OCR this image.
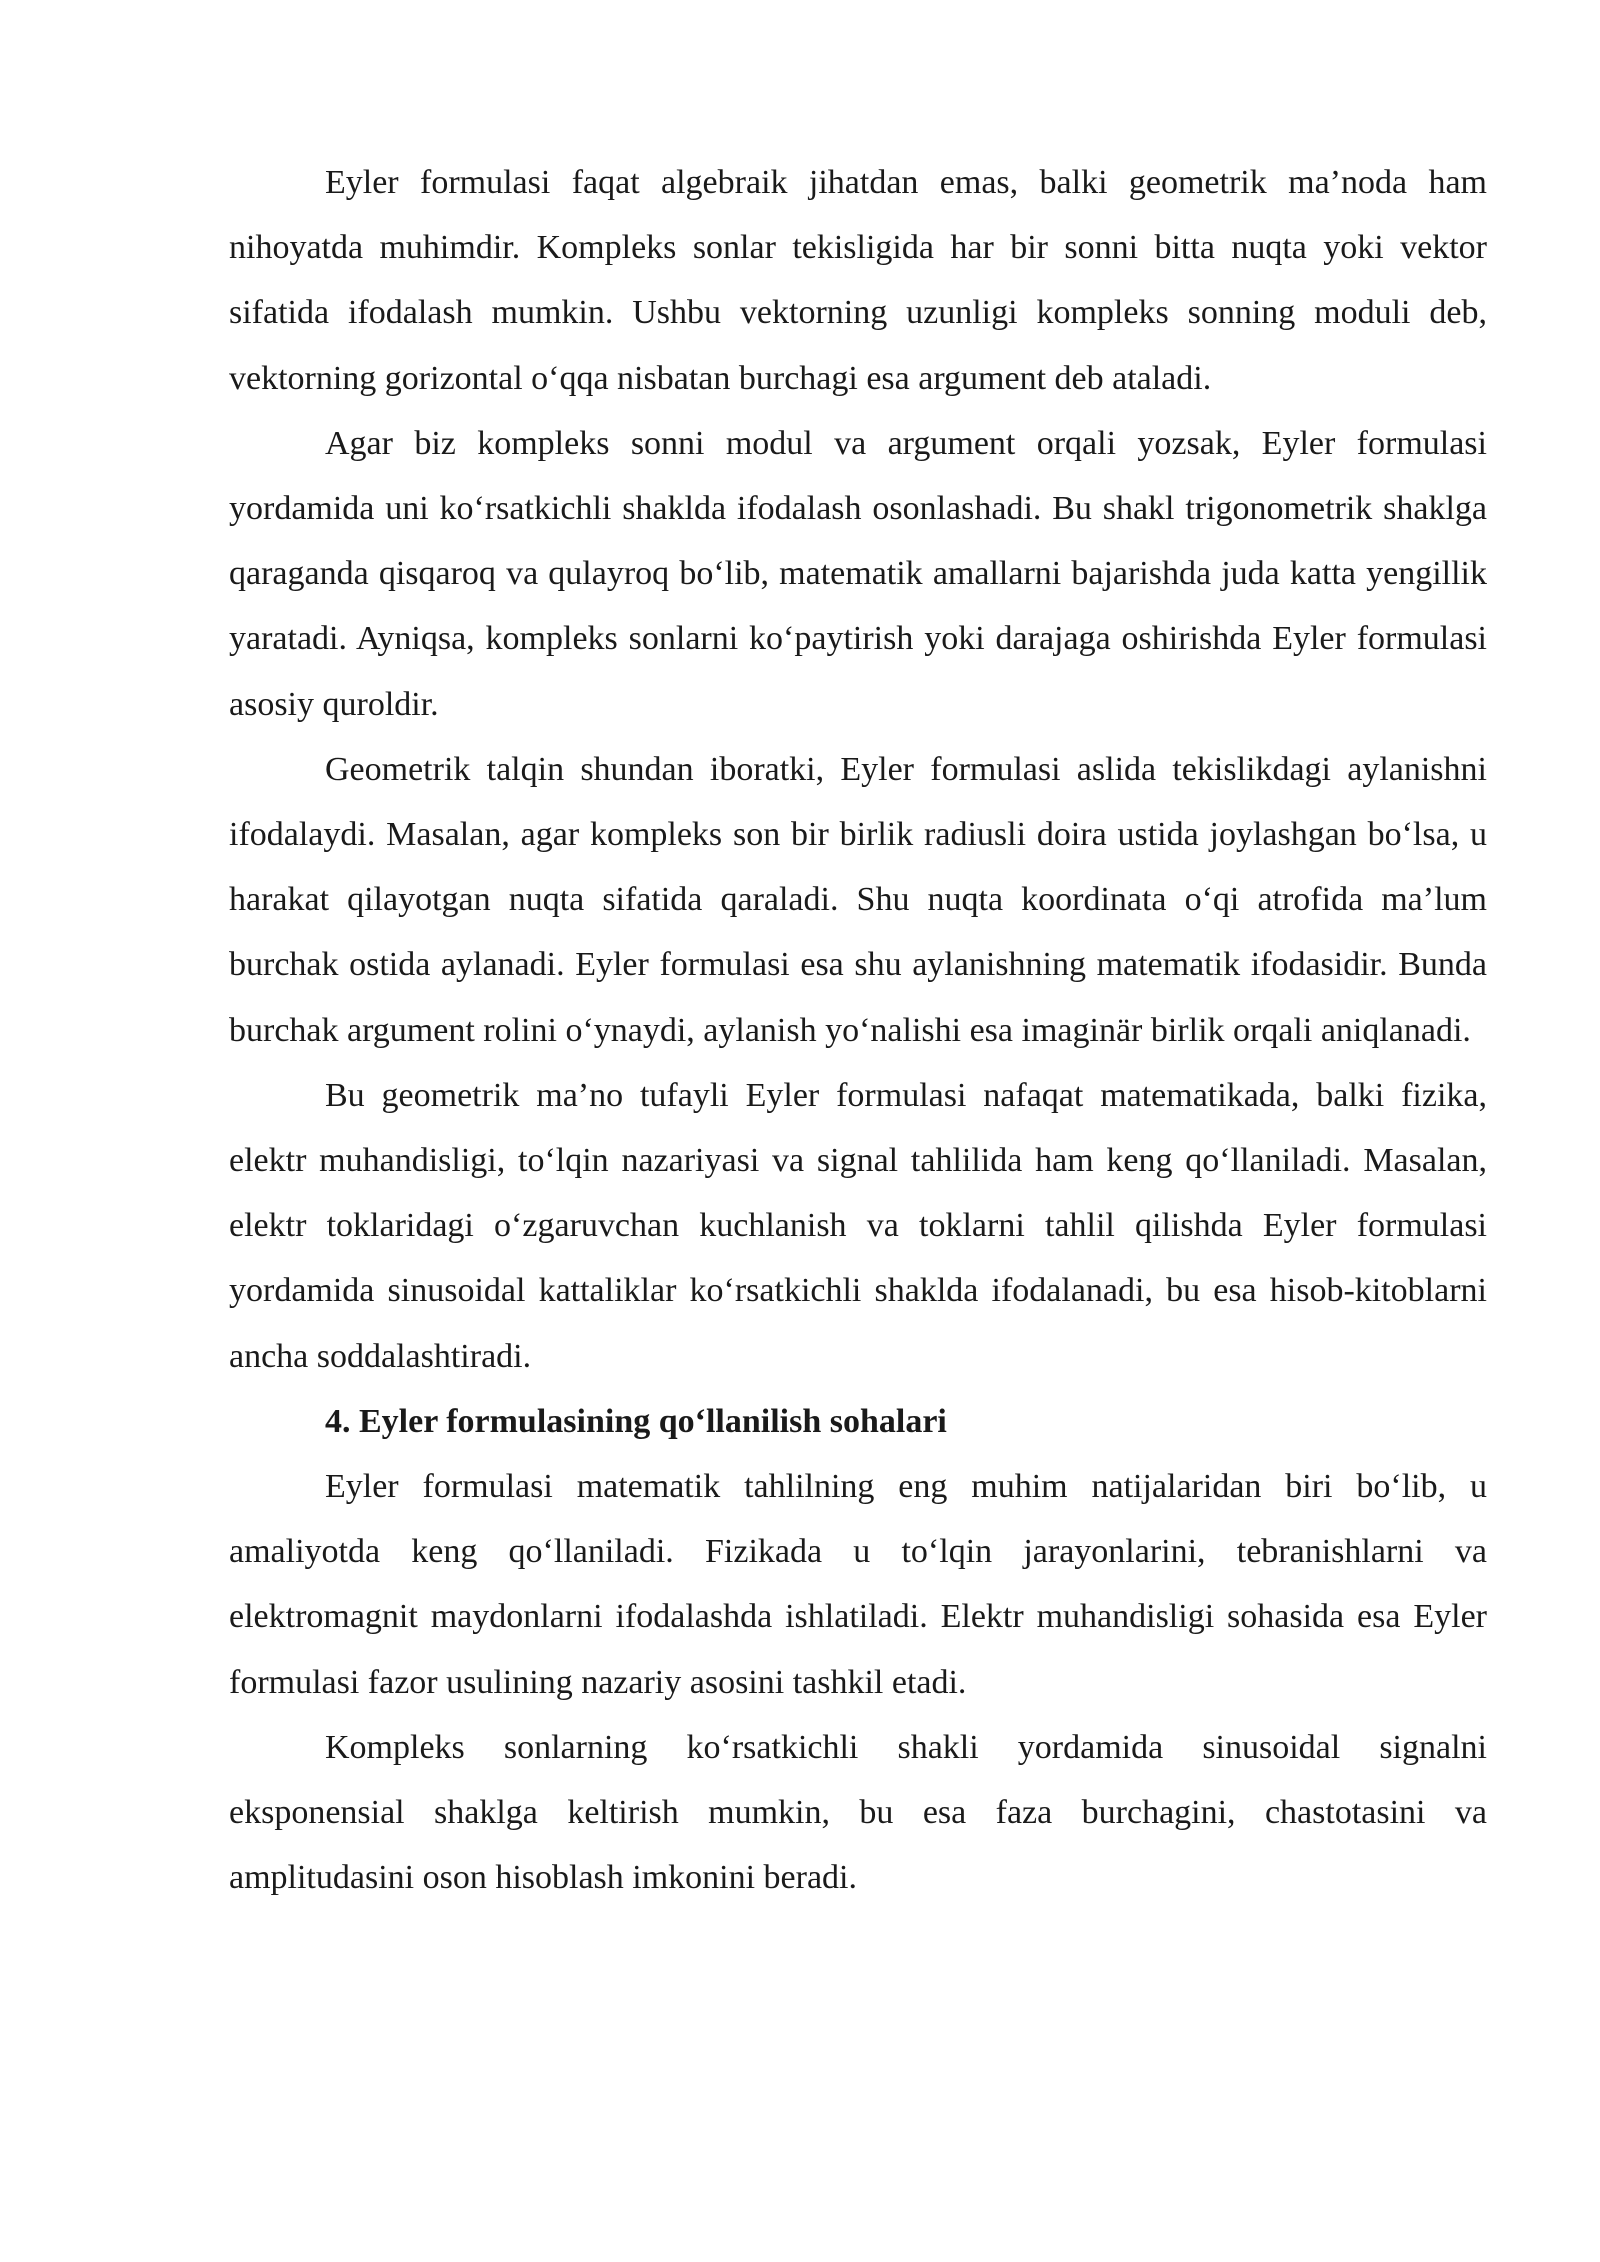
Eyler formulasi faqat algebraik jihatdan emas, balki geometrik ma’noda ham nihoyatda muhimdir. Kompleks sonlar tekisligida har bir sonni bitta nuqta yoki vektor sifatida ifodalash mumkin. Ushbu vektorning uzunligi kompleks sonning moduli deb, vektorning gorizontal o‘qqa nisbatan burchagi esa argument deb ataladi.

Agar biz kompleks sonni modul va argument orqali yozsak, Eyler formulasi yordamida uni ko‘rsatkichli shaklda ifodalash osonlashadi. Bu shakl trigonometrik shaklga qaraganda qisqaroq va qulayroq bo‘lib, matematik amallarni bajarishda juda katta yengillik yaratadi. Ayniqsa, kompleks sonlarni ko‘paytirish yoki darajaga oshirishda Eyler formulasi asosiy quroldir.

Geometrik talqin shundan iboratki, Eyler formulasi aslida tekislikdagi aylanishni ifodalaydi. Masalan, agar kompleks son bir birlik radiusli doira ustida joylashgan bo‘lsa, u harakat qilayotgan nuqta sifatida qaraladi. Shu nuqta koordinata o‘qi atrofida ma’lum burchak ostida aylanadi. Eyler formulasi esa shu aylanishning matematik ifodasidir. Bunda burchak argument rolini o‘ynaydi, aylanish yo‘nalishi esa imaginär birlik orqali aniqlanadi.

Bu geometrik ma’no tufayli Eyler formulasi nafaqat matematikada, balki fizika, elektr muhandisligi, to‘lqin nazariyasi va signal tahlilida ham keng qo‘llaniladi. Masalan, elektr toklaridagi o‘zgaruvchan kuchlanish va toklarni tahlil qilishda Eyler formulasi yordamida sinusoidal kattaliklar ko‘rsatkichli shaklda ifodalanadi, bu esa hisob-kitoblarni ancha soddalashtiradi.

4. Eyler formulasining qo‘llanilish sohalari

Eyler formulasi matematik tahlilning eng muhim natijalaridan biri bo‘lib, u amaliyotda keng qo‘llaniladi. Fizikada u to‘lqin jarayonlarini, tebranishlarni va elektromagnit maydonlarni ifodalashda ishlatiladi. Elektr muhandisligi sohasida esa Eyler formulasi fazor usulining nazariy asosini tashkil etadi.

Kompleks sonlarning ko‘rsatkichli shakli yordamida sinusoidal signalni eksponensial shaklga keltirish mumkin, bu esa faza burchagini, chastotasini va amplitudasini oson hisoblash imkonini beradi.
